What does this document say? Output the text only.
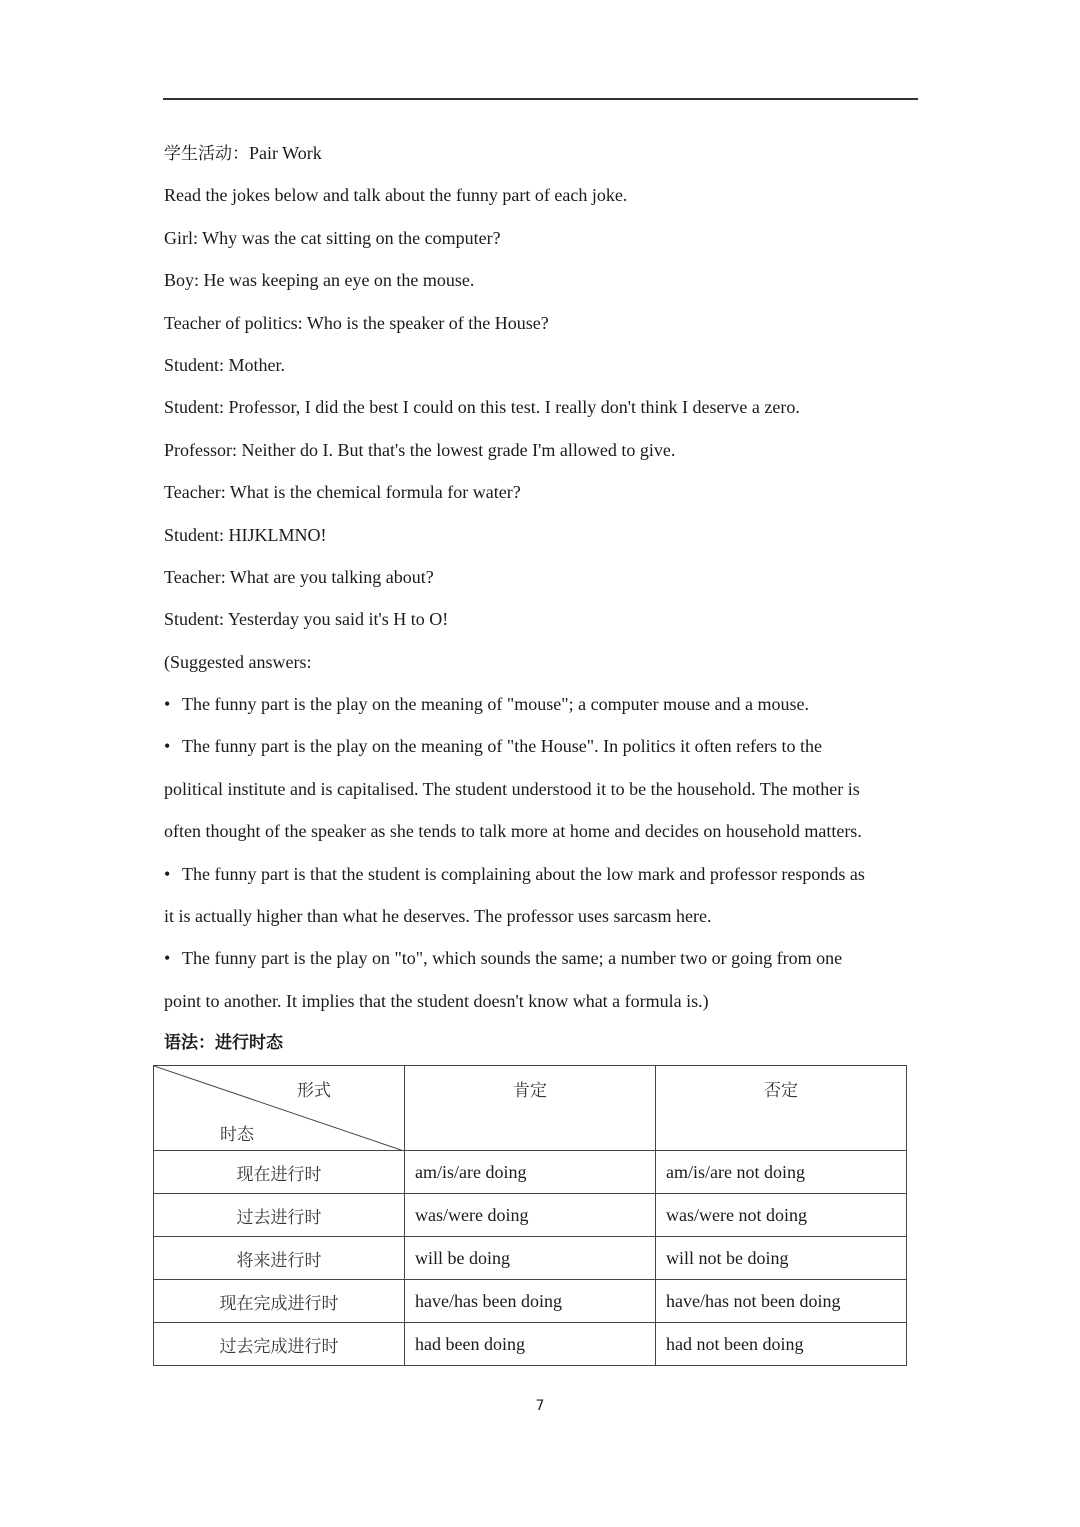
学生活动：Pair Work
Read the jokes below and talk about the funny part of each joke.
Girl: Why was the cat sitting on the computer?
Boy: He was keeping an eye on the mouse.
Teacher of politics: Who is the speaker of the House?
Student: Mother.
Student: Professor, I did the best I could on this test. I really don't think I deserve a zero.
Professor: Neither do I. But that's the lowest grade I'm allowed to give.
Teacher: What is the chemical formula for water?
Student: HIJKLMNO!
Teacher: What are you talking about?
Student: Yesterday you said it's H to O!
(Suggested answers:
• The funny part is the play on the meaning of "mouse"; a computer mouse and a mouse.
• The funny part is the play on the meaning of "the House". In politics it often refers to the
political institute and is capitalised. The student understood it to be the household. The mother is
often thought of the speaker as she tends to talk more at home and decides on household matters.
• The funny part is that the student is complaining about the low mark and professor responds as
it is actually higher than what he deserves. The professor uses sarcasm here.
• The funny part is the play on "to", which sounds the same; a number two or going from one
point to another. It implies that the student doesn't know what a formula is.)
语法：进行时态
形式
时态	肯定	否定
现在进行时	am/is/are doing	am/is/are not doing
过去进行时	was/were doing	was/were not doing
将来进行时	will be doing	will not be doing
现在完成进行时	have/has been doing	have/has not been doing
过去完成进行时	had been doing	had not been doing
7
